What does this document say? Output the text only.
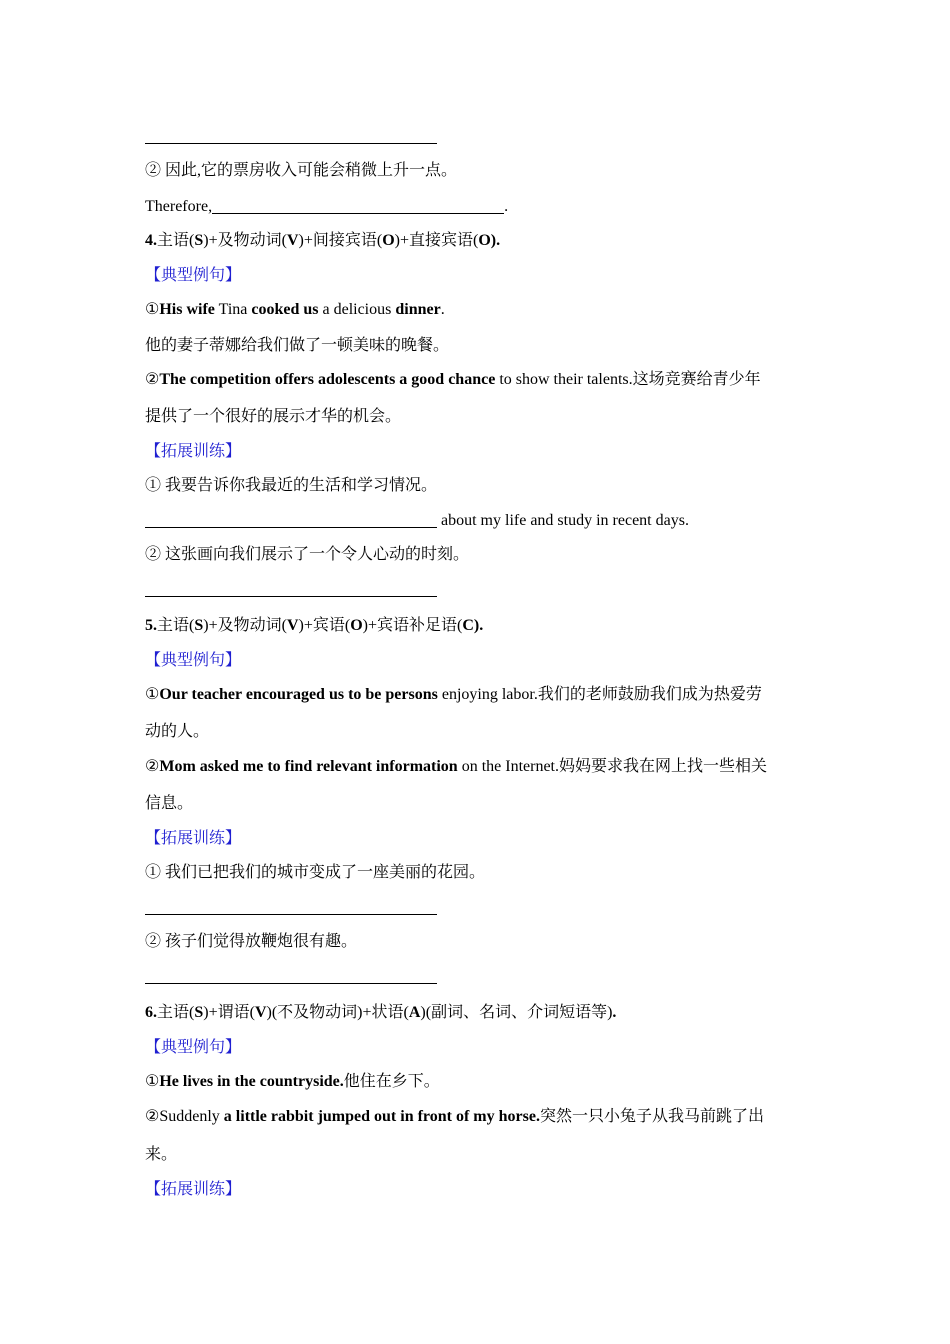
② 因此,它的票房收入可能会稍微上升一点。
Therefore,	.
4.主语(S)+及物动词(V)+间接宾语(O)+直接宾语(O).
【典型例句】
①His wife Tina cooked us a delicious dinner.
他的妻子蒂娜给我们做了一顿美味的晚餐。
②The competition offers adolescents a good chance to show their talents.这场竞赛给青少年
提供了一个很好的展示才华的机会。
【拓展训练】
① 我要告诉你我最近的生活和学习情况。
about my life and study in recent days.
② 这张画向我们展示了一个令人心动的时刻。
5.主语(S)+及物动词(V)+宾语(O)+宾语补足语(C).
【典型例句】
①Our teacher encouraged us to be persons enjoying labor.我们的老师鼓励我们成为热爱劳
动的人。
②Mom asked me to find relevant information on the Internet.妈妈要求我在网上找一些相关
信息。
【拓展训练】
① 我们已把我们的城市变成了一座美丽的花园。
② 孩子们觉得放鞭炮很有趣。
6.主语(S)+谓语(V)(不及物动词)+状语(A)(副词、名词、介词短语等).
【典型例句】
①He lives in the countryside.他住在乡下。
②Suddenly a little rabbit jumped out in front of my horse.突然一只小兔子从我马前跳了出
来。
【拓展训练】
